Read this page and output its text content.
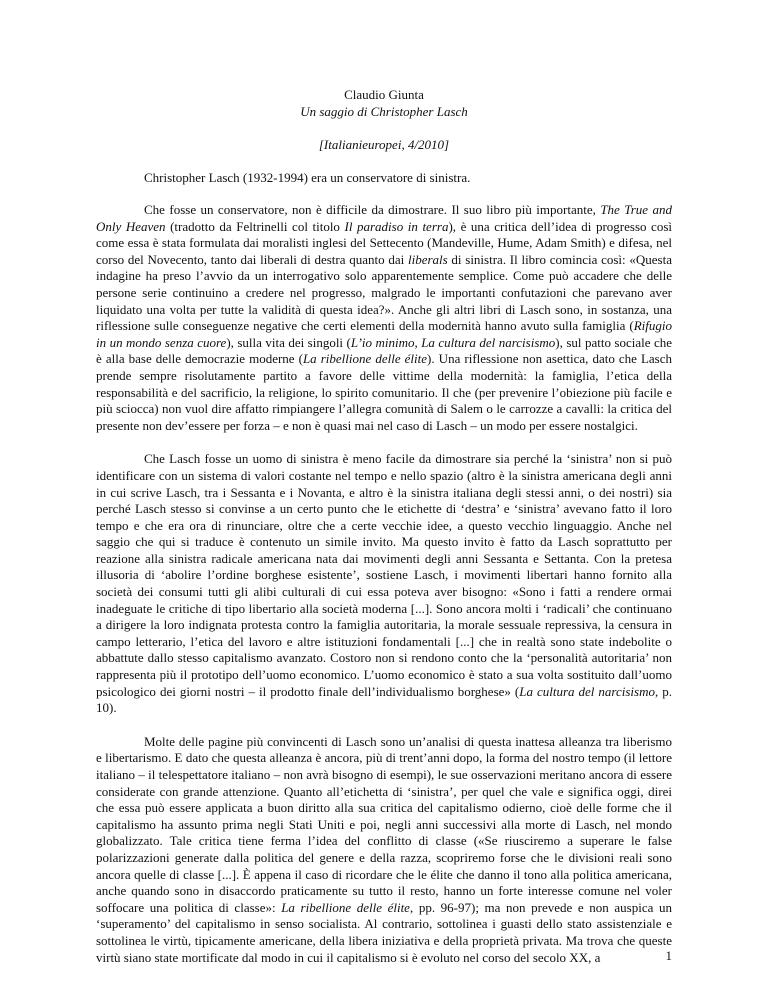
Claudio Giunta
Un saggio di Christopher Lasch
[Italianieuropei, 4/2010]
Christopher Lasch (1932-1994) era un conservatore di sinistra.
Che fosse un conservatore, non è difficile da dimostrare. Il suo libro più importante, The True and Only Heaven (tradotto da Feltrinelli col titolo Il paradiso in terra), è una critica dell’idea di progresso così come essa è stata formulata dai moralisti inglesi del Settecento (Mandeville, Hume, Adam Smith) e difesa, nel corso del Novecento, tanto dai liberali di destra quanto dai liberals di sinistra. Il libro comincia così: «Questa indagine ha preso l’avvio da un interrogativo solo apparentemente semplice. Come può accadere che delle persone serie continuino a credere nel progresso, malgrado le importanti confutazioni che parevano aver liquidato una volta per tutte la validità di questa idea?». Anche gli altri libri di Lasch sono, in sostanza, una riflessione sulle conseguenze negative che certi elementi della modernità hanno avuto sulla famiglia (Rifugio in un mondo senza cuore), sulla vita dei singoli (L’io minimo, La cultura del narcisismo), sul patto sociale che è alla base delle democrazie moderne (La ribellione delle élite). Una riflessione non asettica, dato che Lasch prende sempre risolutamente partito a favore delle vittime della modernità: la famiglia, l’etica della responsabilità e del sacrificio, la religione, lo spirito comunitario. Il che (per prevenire l’obiezione più facile e più sciocca) non vuol dire affatto rimpiangere l’allegra comunità di Salem o le carrozze a cavalli: la critica del presente non dev’essere per forza – e non è quasi mai nel caso di Lasch – un modo per essere nostalgici.
Che Lasch fosse un uomo di sinistra è meno facile da dimostrare sia perché la ‘sinistra’ non si può identificare con un sistema di valori costante nel tempo e nello spazio (altro è la sinistra americana degli anni in cui scrive Lasch, tra i Sessanta e i Novanta, e altro è la sinistra italiana degli stessi anni, o dei nostri) sia perché Lasch stesso si convinse a un certo punto che le etichette di ‘destra’ e ‘sinistra’ avevano fatto il loro tempo e che era ora di rinunciare, oltre che a certe vecchie idee, a questo vecchio linguaggio. Anche nel saggio che qui si traduce è contenuto un simile invito. Ma questo invito è fatto da Lasch soprattutto per reazione alla sinistra radicale americana nata dai movimenti degli anni Sessanta e Settanta. Con la pretesa illusoria di ‘abolire l’ordine borghese esistente’, sostiene Lasch, i movimenti libertari hanno fornito alla società dei consumi tutti gli alibi culturali di cui essa poteva aver bisogno: «Sono i fatti a rendere ormai inadeguate le critiche di tipo libertario alla società moderna [...]. Sono ancora molti i ‘radicali’ che continuano a dirigere la loro indignata protesta contro la famiglia autoritaria, la morale sessuale repressiva, la censura in campo letterario, l’etica del lavoro e altre istituzioni fondamentali [...] che in realtà sono state indebolite o abbattute dallo stesso capitalismo avanzato. Costoro non si rendono conto che la ‘personalità autoritaria’ non rappresenta più il prototipo dell’uomo economico. L’uomo economico è stato a sua volta sostituito dall’uomo psicologico dei giorni nostri – il prodotto finale dell’individualismo borghese» (La cultura del narcisismo, p. 10).
Molte delle pagine più convincenti di Lasch sono un’analisi di questa inattesa alleanza tra liberismo e libertarismo. E dato che questa alleanza è ancora, più di trent’anni dopo, la forma del nostro tempo (il lettore italiano – il telespettatore italiano – non avrà bisogno di esempi), le sue osservazioni meritano ancora di essere considerate con grande attenzione. Quanto all’etichetta di ‘sinistra’, per quel che vale e significa oggi, direi che essa può essere applicata a buon diritto alla sua critica del capitalismo odierno, cioè delle forme che il capitalismo ha assunto prima negli Stati Uniti e poi, negli anni successivi alla morte di Lasch, nel mondo globalizzato. Tale critica tiene ferma l’idea del conflitto di classe («Se riusciremo a superare le false polarizzazioni generate dalla politica del genere e della razza, scopriremo forse che le divisioni reali sono ancora quelle di classe [...]. È appena il caso di ricordare che le élite che danno il tono alla politica americana, anche quando sono in disaccordo praticamente su tutto il resto, hanno un forte interesse comune nel voler soffocare una politica di classe»: La ribellione delle élite, pp. 96-97); ma non prevede e non auspica un ‘superamento’ del capitalismo in senso socialista. Al contrario, sottolinea i guasti dello stato assistenziale e sottolinea le virtù, tipicamente americane, della libera iniziativa e della proprietà privata. Ma trova che queste virtù siano state mortificate dal modo in cui il capitalismo si è evoluto nel corso del secolo XX, a	1
